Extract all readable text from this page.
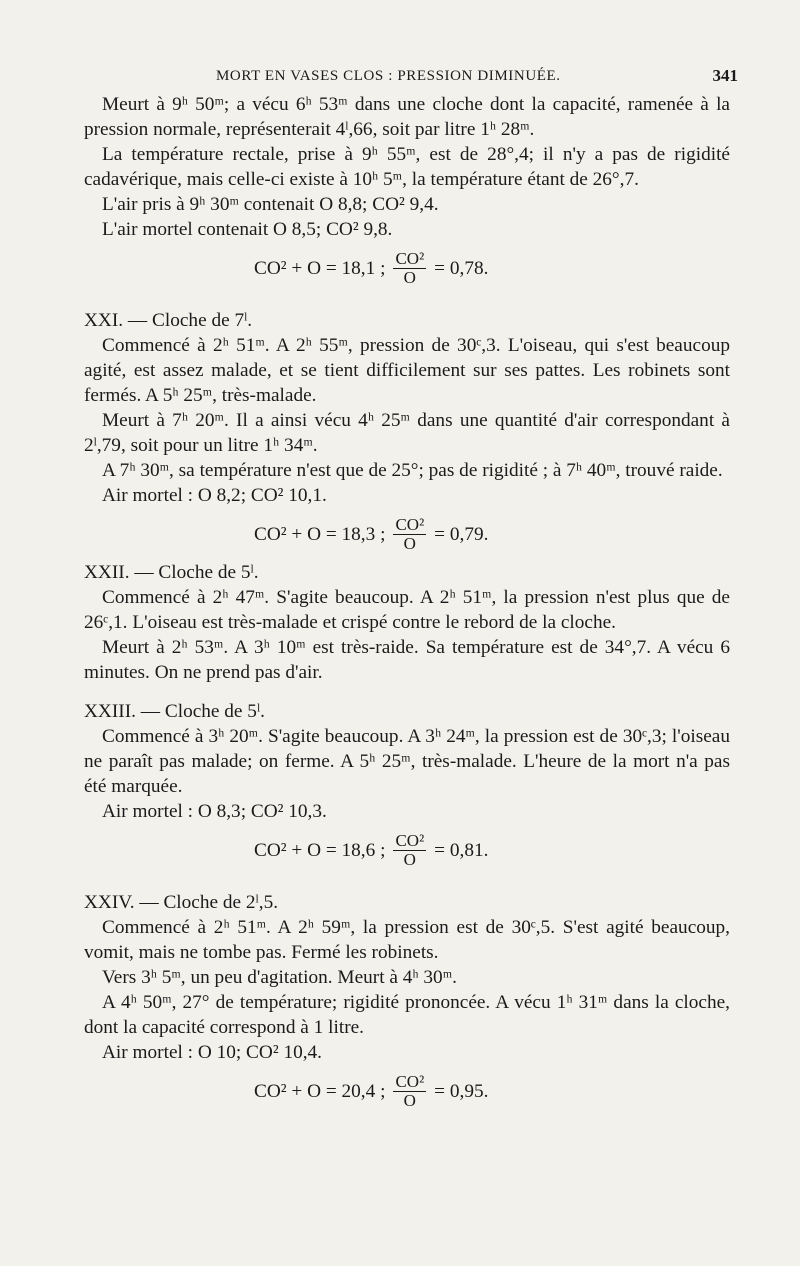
MORT EN VASES CLOS : PRESSION DIMINUÉE.	341

Meurt à 9ʰ 50ᵐ; a vécu 6ʰ 53ᵐ dans une cloche dont la capacité, ramenée à la pression normale, représenterait 4ˡ,66, soit par litre 1ʰ 28ᵐ.

La température rectale, prise à 9ʰ 55ᵐ, est de 28°,4; il n'y a pas de rigidité cadavérique, mais celle-ci existe à 10ʰ 5ᵐ, la température étant de 26°,7.

L'air pris à 9ʰ 30ᵐ contenait O 8,8; CO² 9,4.

L'air mortel contenait O 8,5; CO² 9,8.

CO² + O = 18,1 ; $\frac{\text{CO²}}{O} = 0,78$.

XXI. — Cloche de 7ˡ.

Commencé à 2ʰ 51ᵐ. A 2ʰ 55ᵐ, pression de 30ᶜ,3. L'oiseau, qui s'est beaucoup agité, est assez malade, et se tient difficilement sur ses pattes. Les robinets sont fermés. A 5ʰ 25ᵐ, très-malade.

Meurt à 7ʰ 20ᵐ. Il a ainsi vécu 4ʰ 25ᵐ dans une quantité d'air correspondant à 2ˡ,79, soit pour un litre 1ʰ 34ᵐ.

A 7ʰ 30ᵐ, sa température n'est que de 25°; pas de rigidité ; à 7ʰ 40ᵐ, trouvé raide.

Air mortel : O 8,2; CO² 10,1.

CO² + O = 18,3 ; $\frac{\text{CO²}}{O} = 0,79$.

XXII. — Cloche de 5ˡ.

Commencé à 2ʰ 47ᵐ. S'agite beaucoup. A 2ʰ 51ᵐ, la pression n'est plus que de 26ᶜ,1. L'oiseau est très-malade et crispé contre le rebord de la cloche.

Meurt à 2ʰ 53ᵐ. A 3ʰ 10ᵐ est très-raide. Sa température est de 34°,7. A vécu 6 minutes. On ne prend pas d'air.

XXIII. — Cloche de 5ˡ.

Commencé à 3ʰ 20ᵐ. S'agite beaucoup. A 3ʰ 24ᵐ, la pression est de 30ᶜ,3; l'oiseau ne paraît pas malade; on ferme. A 5ʰ 25ᵐ, très-malade. L'heure de la mort n'a pas été marquée.

Air mortel : O 8,3; CO² 10,3.

CO² + O = 18,6 ; $\frac{\text{CO²}}{O} = 0,81$.

XXIV. — Cloche de 2ˡ,5.

Commencé à 2ʰ 51ᵐ. A 2ʰ 59ᵐ, la pression est de 30ᶜ,5. S'est agité beaucoup, vomit, mais ne tombe pas. Fermé les robinets.

Vers 3ʰ 5ᵐ, un peu d'agitation. Meurt à 4ʰ 30ᵐ.

A 4ʰ 50ᵐ, 27° de température; rigidité prononcée. A vécu 1ʰ 31ᵐ dans la cloche, dont la capacité correspond à 1 litre.

Air mortel : O 10; CO² 10,4.

CO² + O = 20,4 ; $\frac{\text{CO²}}{O} = 0,95$.
